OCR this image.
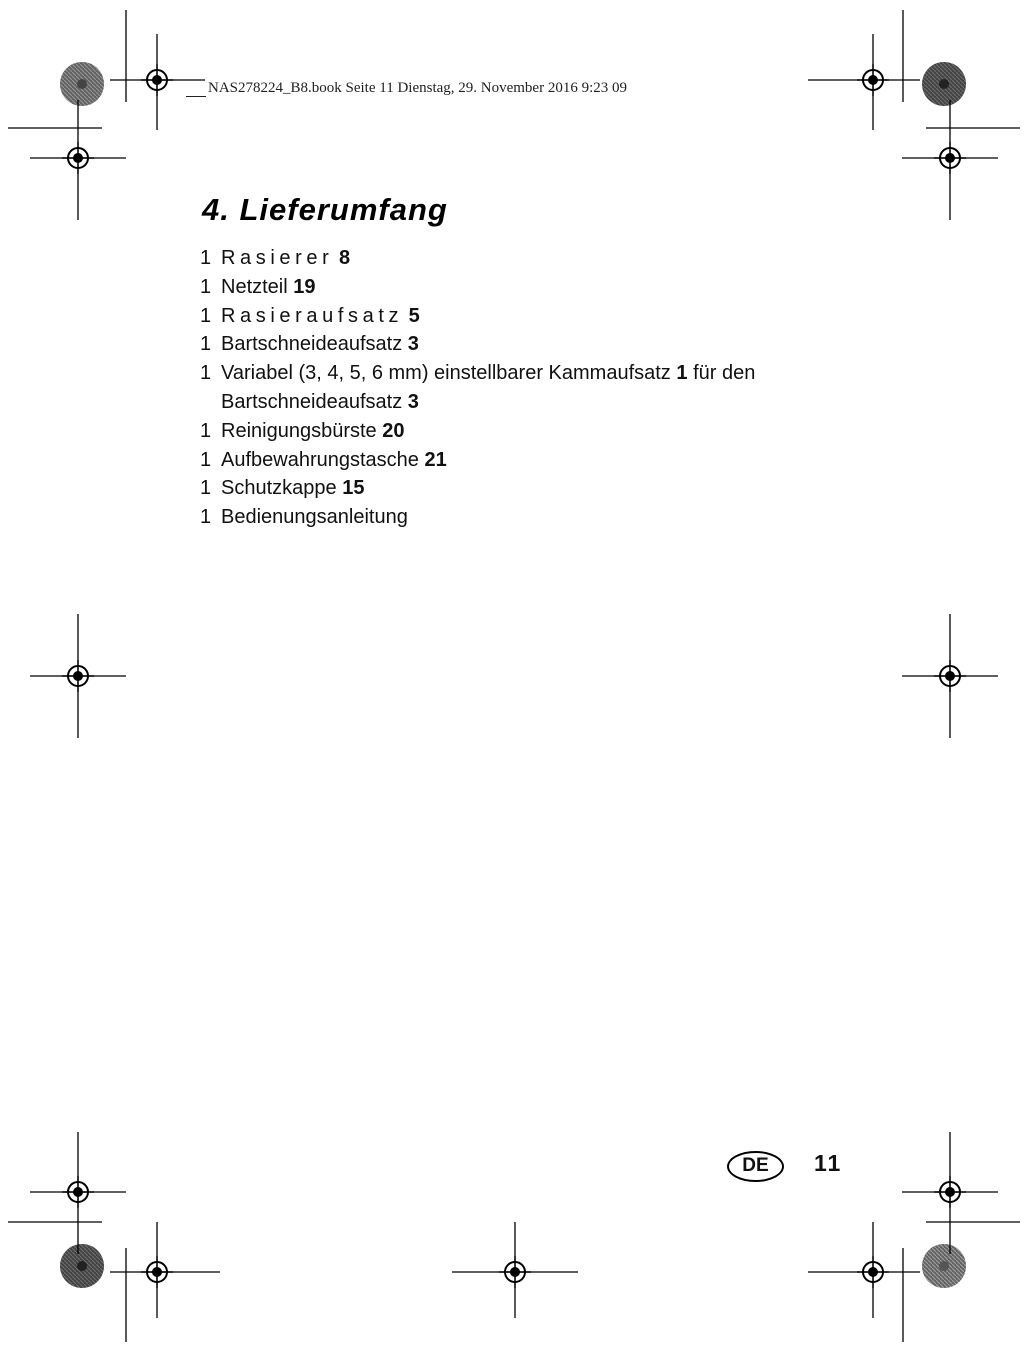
NAS278224_B8.book Seite 11 Dienstag, 29. November 2016 9:23 09
4. Lieferumfang
1 Rasierer 8
1 Netzteil 19
1 Rasieraufsatz 5
1 Bartschneideaufsatz 3
1 Variabel (3, 4, 5, 6 mm) einstellbarer Kammaufsatz 1 für den Bartschneideaufsatz 3
1 Reinigungsbürste 20
1 Aufbewahrungstasche 21
1 Schutzkappe 15
1 Bedienungsanleitung
DE	11
